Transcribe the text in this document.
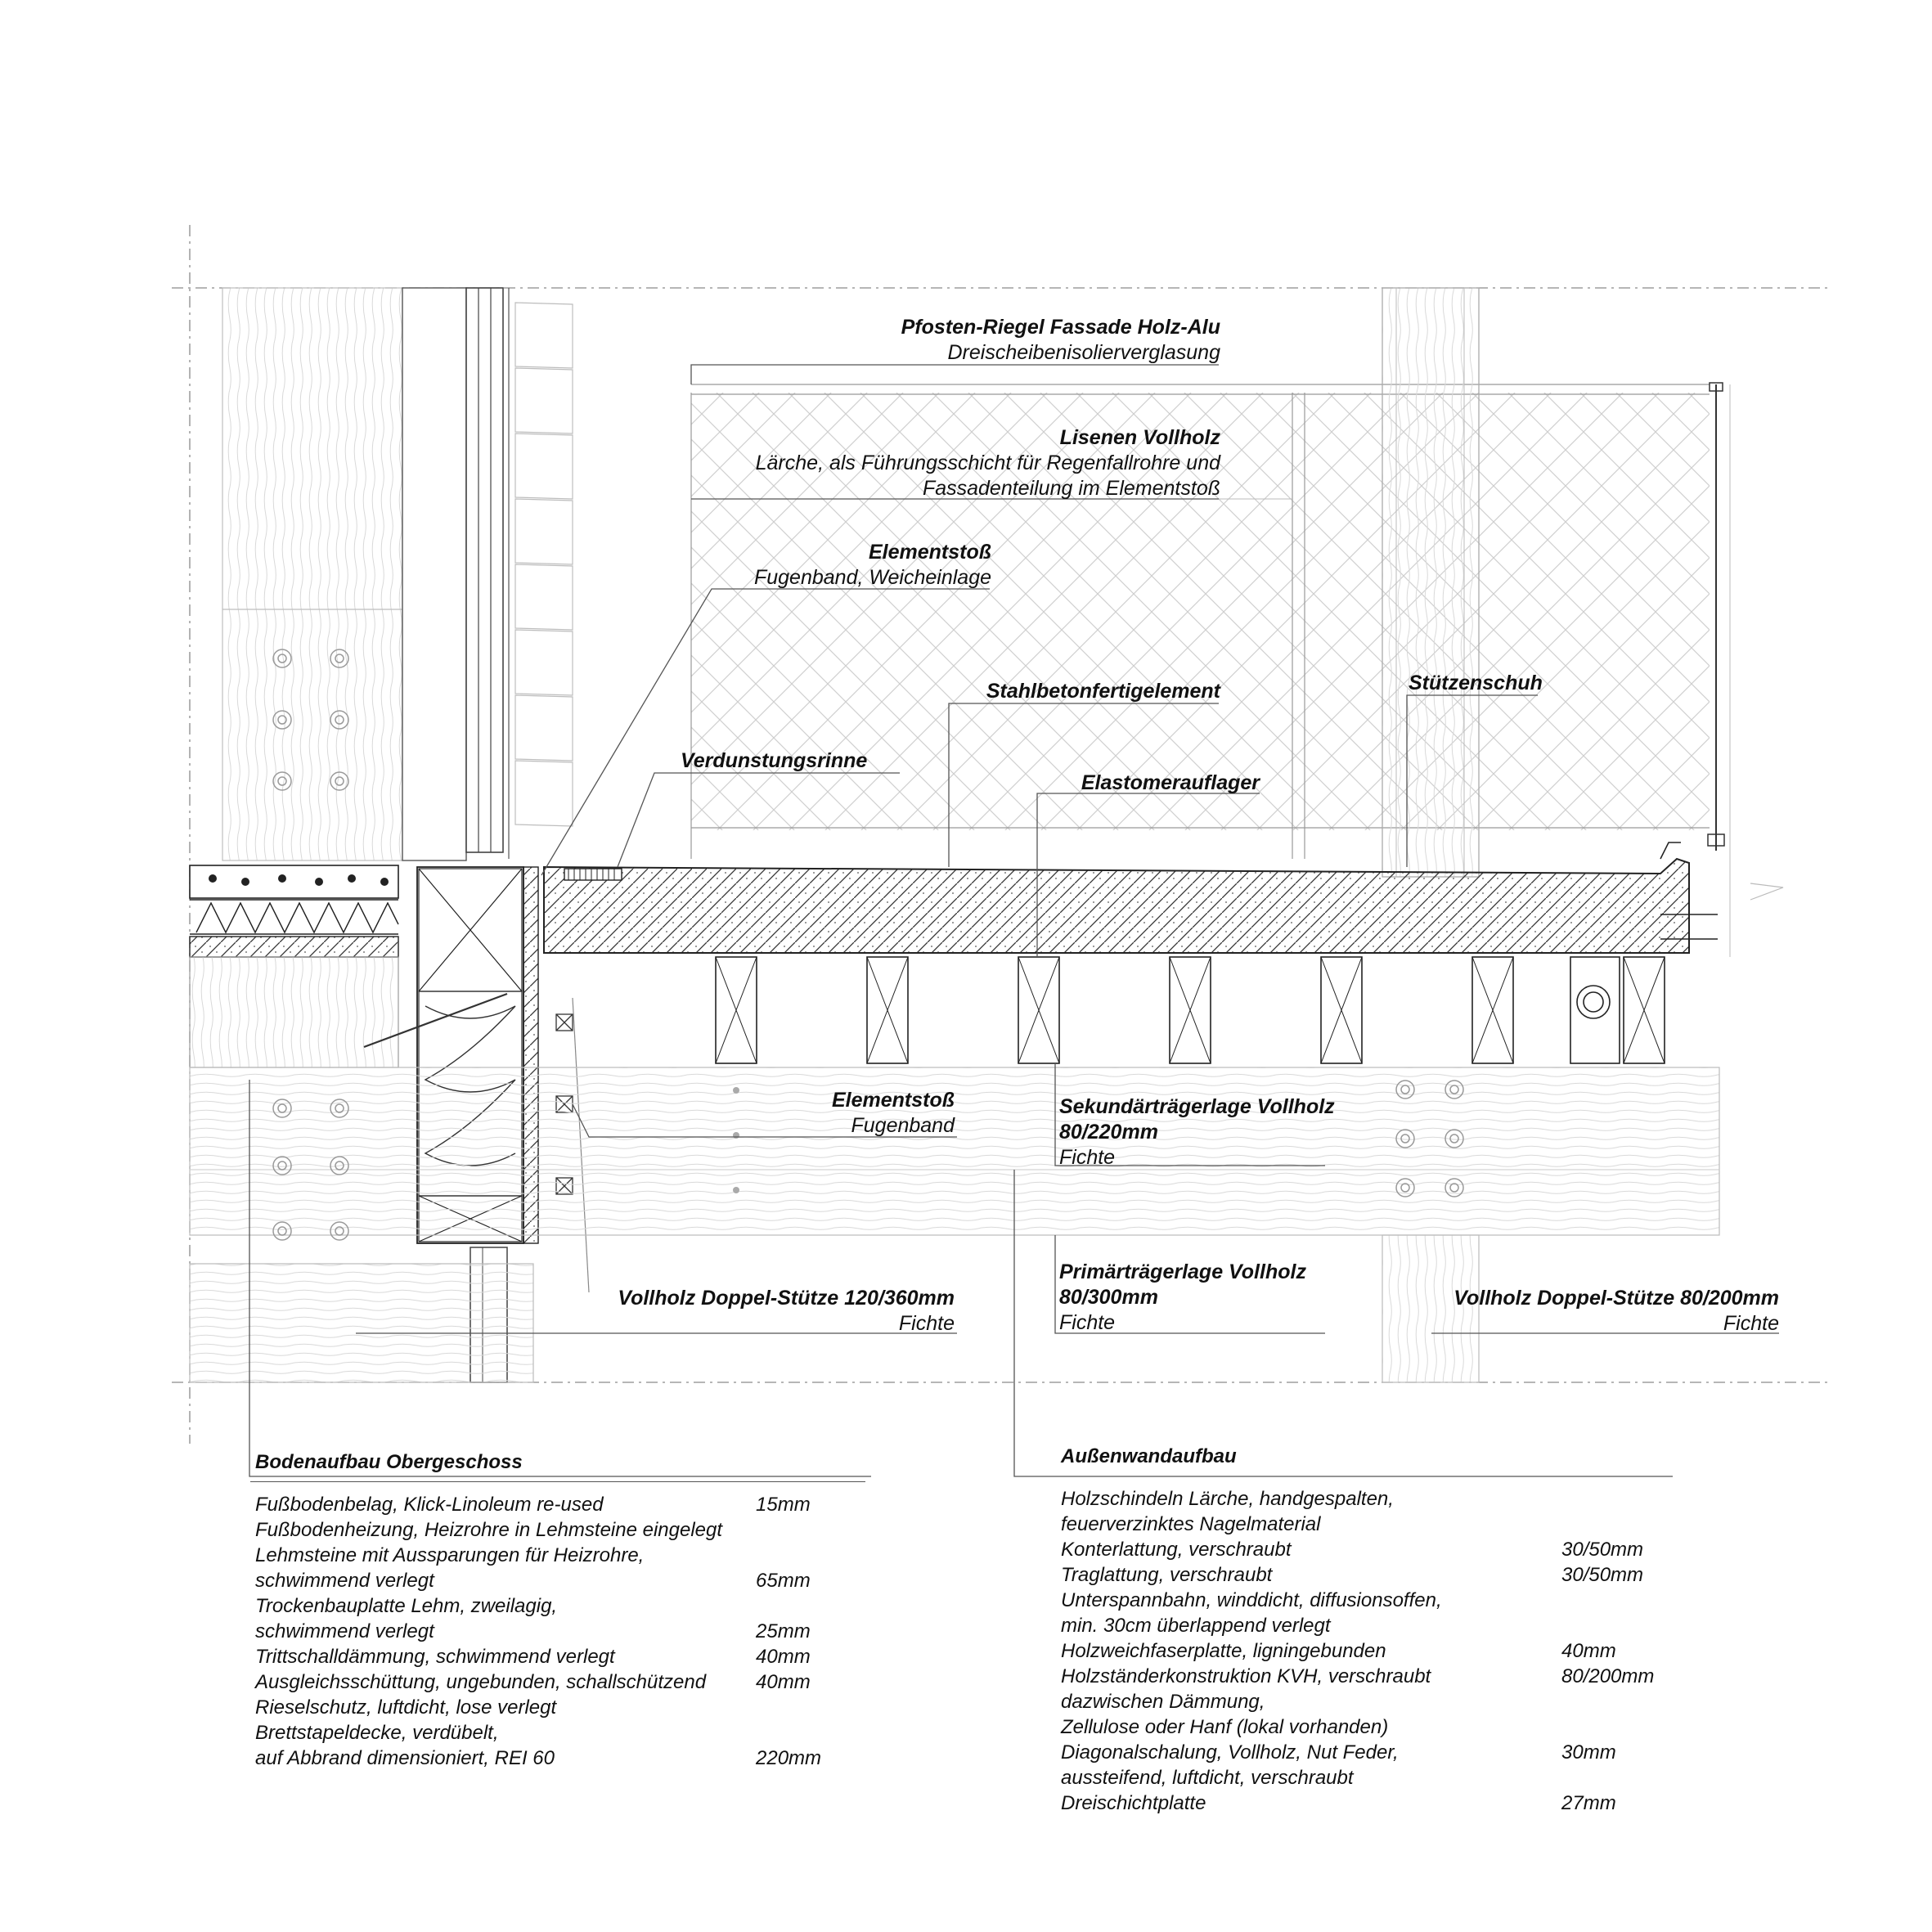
Pfosten-Riegel Fassade Holz-Alu
Dreischeibenisolierverglasung
Lisenen Vollholz
Lärche, als Führungsschicht für Regenfallrohre und
Fassadenteilung im Elementstoß
Elementstoß
Fugenband, Weicheinlage
Stahlbetonfertigelement	Stützenschuh
Verdunstungsrinne
Elastomerauflager
Elementstoß
Fugenband
Sekundärträgerlage Vollholz
80/220mm
Fichte
Vollholz Doppel-Stütze 120/360mm
Fichte
Primärträgerlage Vollholz
80/300mm
Fichte
Vollholz Doppel-Stütze 80/200mm
Fichte
Bodenaufbau Obergeschoss
Fußbodenbelag, Klick-Linoleum re-used	15mm
Fußbodenheizung, Heizrohre in Lehmsteine eingelegt
Lehmsteine mit Aussparungen für Heizrohre,
schwimmend verlegt	65mm
Trockenbauplatte Lehm, zweilagig,
schwimmend verlegt	25mm
Trittschalldämmung, schwimmend verlegt	40mm
Ausgleichsschüttung, ungebunden, schallschützend	40mm
Rieselschutz, luftdicht, lose verlegt
Brettstapeldecke, verdübelt,
auf Abbrand dimensioniert, REI 60	220mm
Außenwandaufbau
Holzschindeln Lärche, handgespalten,
feuerverzinktes Nagelmaterial
Konterlattung, verschraubt	30/50mm
Traglattung, verschraubt	30/50mm
Unterspannbahn, winddicht, diffusionsoffen,
min. 30cm überlappend verlegt
Holzweichfaserplatte, ligningebunden	40mm
Holzständerkonstruktion KVH, verschraubt	80/200mm
dazwischen Dämmung,
Zellulose oder Hanf (lokal vorhanden)
Diagonalschalung, Vollholz, Nut Feder,	30mm
aussteifend, luftdicht, verschraubt
Dreischichtplatte	27mm
